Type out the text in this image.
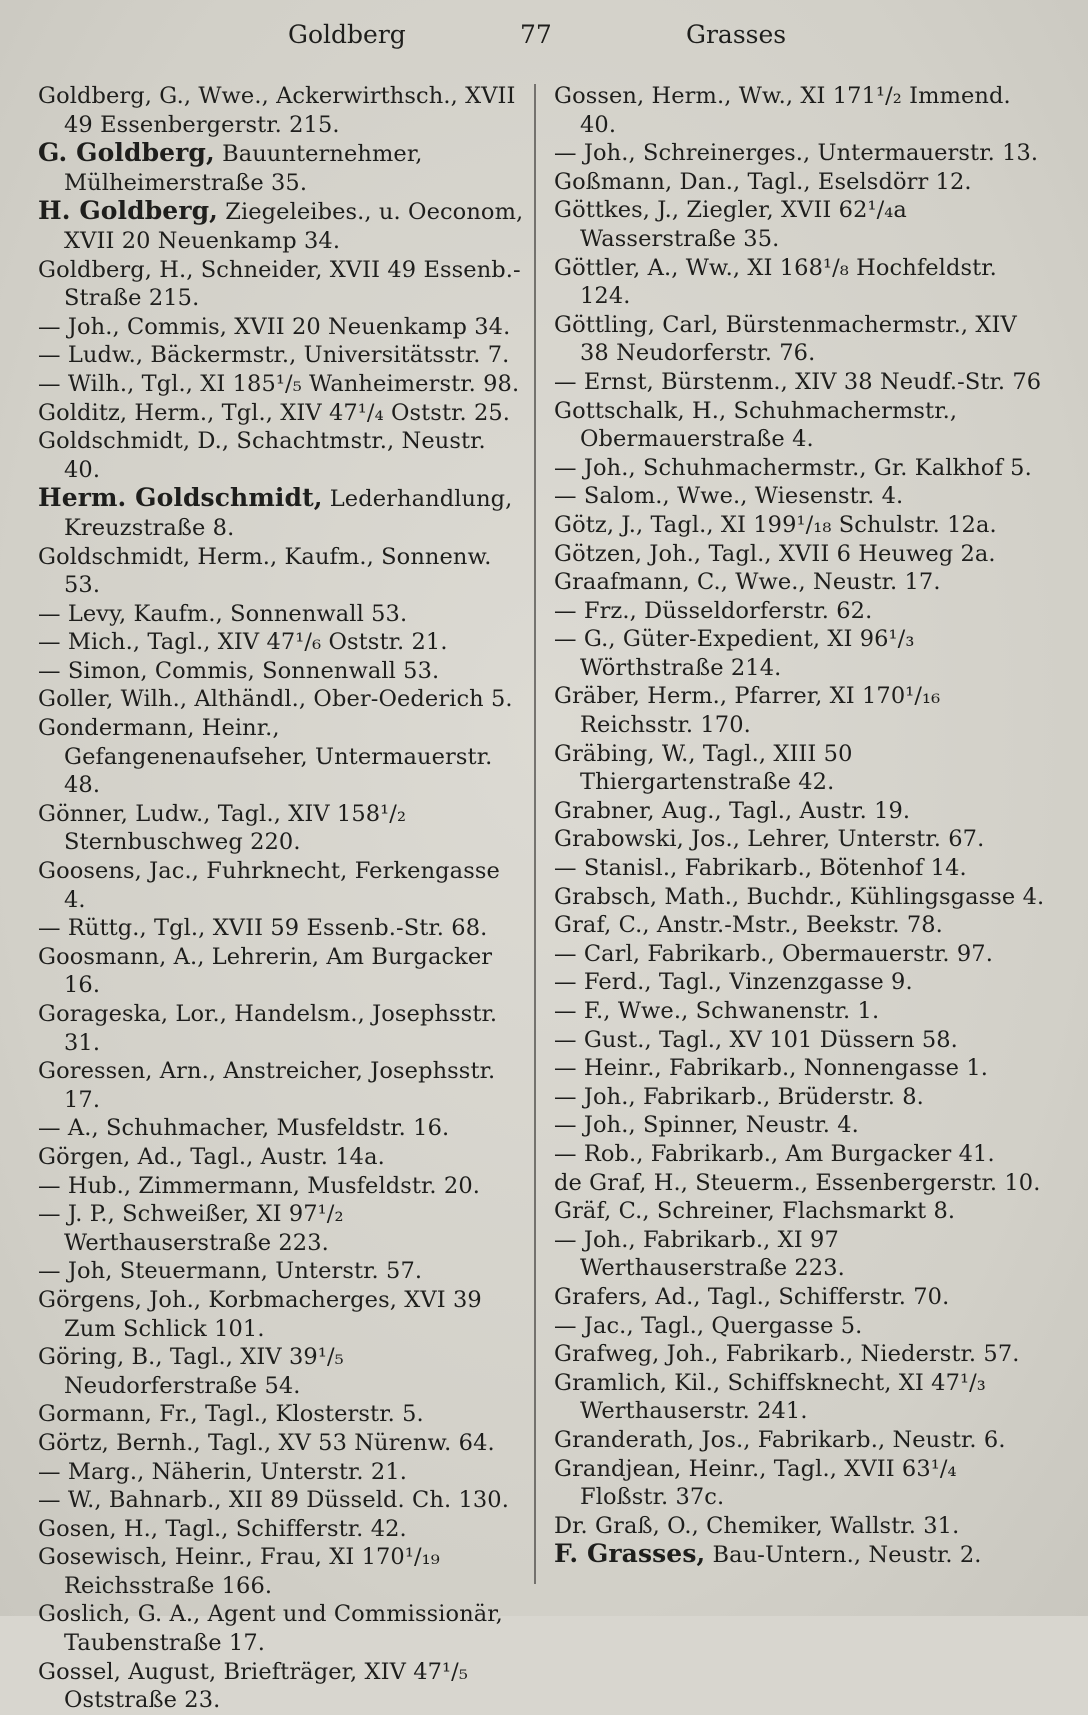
Goldberg	77	Grasses

Goldberg, G., Wwe., Ackerwirthsch., XVII 49 Essenbergerstr. 215.

G. Goldberg, Bauunternehmer, Mülheimerstraße 35.

H. Goldberg, Ziegeleibes., u. Oeconom, XVII 20 Neuenkamp 34.

Goldberg, H., Schneider, XVII 49 Essenb.-Straße 215.

— Joh., Commis, XVII 20 Neuenkamp 34.

— Ludw., Bäckermstr., Universitätsstr. 7.

— Wilh., Tgl., XI 185¹/₅ Wanheimerstr. 98.

Golditz, Herm., Tgl., XIV 47¹/₄ Oststr. 25.

Goldschmidt, D., Schachtmstr., Neustr. 40.

Herm. Goldschmidt, Lederhandlung, Kreuzstraße 8.

Goldschmidt, Herm., Kaufm., Sonnenw. 53.

— Levy, Kaufm., Sonnenwall 53.

— Mich., Tagl., XIV 47¹/₆ Oststr. 21.

— Simon, Commis, Sonnenwall 53.

Goller, Wilh., Althändl., Ober-Oederich 5.

Gondermann, Heinr., Gefangenenaufseher, Untermauerstr. 48.

Gönner, Ludw., Tagl., XIV 158¹/₂ Sternbuschweg 220.

Goosens, Jac., Fuhrknecht, Ferkengasse 4.

— Rüttg., Tgl., XVII 59 Essenb.-Str. 68.

Goosmann, A., Lehrerin, Am Burgacker 16.

Gorageska, Lor., Handelsm., Josephsstr. 31.

Goressen, Arn., Anstreicher, Josephsstr. 17.

— A., Schuhmacher, Musfeldstr. 16.

Görgen, Ad., Tagl., Austr. 14a.

— Hub., Zimmermann, Musfeldstr. 20.

— J. P., Schweißer, XI 97¹/₂ Werthauserstraße 223.

— Joh, Steuermann, Unterstr. 57.

Görgens, Joh., Korbmacherges, XVI 39 Zum Schlick 101.

Göring, B., Tagl., XIV 39¹/₅ Neudorferstraße 54.

Gormann, Fr., Tagl., Klosterstr. 5.

Görtz, Bernh., Tagl., XV 53 Nürenw. 64.

— Marg., Näherin, Unterstr. 21.

— W., Bahnarb., XII 89 Düsseld. Ch. 130.

Gosen, H., Tagl., Schifferstr. 42.

Gosewisch, Heinr., Frau, XI 170¹/₁₉ Reichsstraße 166.

Goslich, G. A., Agent und Commissionär, Taubenstraße 17.

Gossel, August, Briefträger, XIV 47¹/₅ Oststraße 23.

Gossen, Herm., Ww., XI 171¹/₂ Immend. 40.

— Joh., Schreinerges., Untermauerstr. 13.

Goßmann, Dan., Tagl., Eselsdörr 12.

Göttkes, J., Ziegler, XVII 62¹/₄a Wasserstraße 35.

Göttler, A., Ww., XI 168¹/₈ Hochfeldstr. 124.

Göttling, Carl, Bürstenmachermstr., XIV 38 Neudorferstr. 76.

— Ernst, Bürstenm., XIV 38 Neudf.-Str. 76

Gottschalk, H., Schuhmachermstr., Obermauerstraße 4.

— Joh., Schuhmachermstr., Gr. Kalkhof 5.

— Salom., Wwe., Wiesenstr. 4.

Götz, J., Tagl., XI 199¹/₁₈ Schulstr. 12a.

Götzen, Joh., Tagl., XVII 6 Heuweg 2a.

Graafmann, C., Wwe., Neustr. 17.

— Frz., Düsseldorferstr. 62.

— G., Güter-Expedient, XI 96¹/₃ Wörthstraße 214.

Gräber, Herm., Pfarrer, XI 170¹/₁₆ Reichsstr. 170.

Gräbing, W., Tagl., XIII 50 Thiergartenstraße 42.

Grabner, Aug., Tagl., Austr. 19.

Grabowski, Jos., Lehrer, Unterstr. 67.

— Stanisl., Fabrikarb., Bötenhof 14.

Grabsch, Math., Buchdr., Kühlingsgasse 4.

Graf, C., Anstr.-Mstr., Beekstr. 78.

— Carl, Fabrikarb., Obermauerstr. 97.

— Ferd., Tagl., Vinzenzgasse 9.

— F., Wwe., Schwanenstr. 1.

— Gust., Tagl., XV 101 Düssern 58.

— Heinr., Fabrikarb., Nonnengasse 1.

— Joh., Fabrikarb., Brüderstr. 8.

— Joh., Spinner, Neustr. 4.

— Rob., Fabrikarb., Am Burgacker 41.

de Graf, H., Steuerm., Essenbergerstr. 10.

Gräf, C., Schreiner, Flachsmarkt 8.

— Joh., Fabrikarb., XI 97 Werthauserstraße 223.

Grafers, Ad., Tagl., Schifferstr. 70.

— Jac., Tagl., Quergasse 5.

Grafweg, Joh., Fabrikarb., Niederstr. 57.

Gramlich, Kil., Schiffsknecht, XI 47¹/₃ Werthauserstr. 241.

Granderath, Jos., Fabrikarb., Neustr. 6.

Grandjean, Heinr., Tagl., XVII 63¹/₄ Floßstr. 37c.

Dr. Graß, O., Chemiker, Wallstr. 31.

F. Grasses, Bau-Untern., Neustr. 2.
